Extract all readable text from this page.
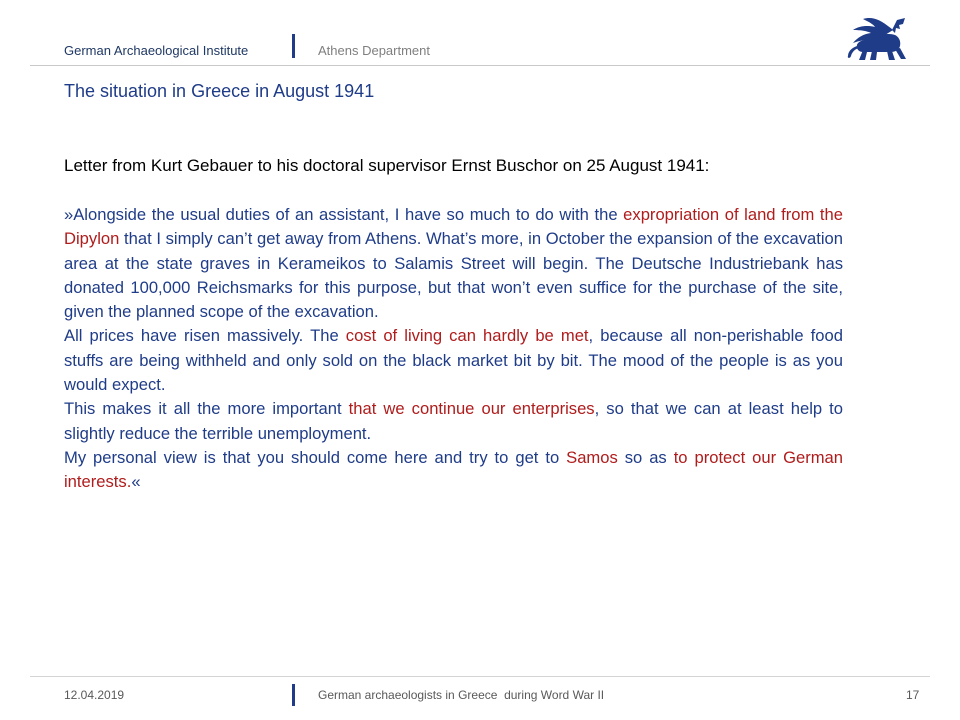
German Archaeological Institute	Athens Department
The situation in Greece in August 1941
Letter from Kurt Gebauer to his doctoral supervisor Ernst Buschor on 25 August 1941:

»Alongside the usual duties of an assistant, I have so much to do with the expropriation of land from the Dipylon that I simply can’t get away from Athens. What’s more, in October the expansion of the excavation area at the state graves in Kerameikos to Salamis Street will begin. The Deutsche Industriebank has donated 100,000 Reichsmarks for this purpose, but that won’t even suffice for the purchase of the site, given the planned scope of the excavation.

All prices have risen massively. The cost of living can hardly be met, because all non-perishable food stuffs are being withheld and only sold on the black market bit by bit. The mood of the people is as you would expect.

This makes it all the more important that we continue our enterprises, so that we can at least help to slightly reduce the terrible unemployment.

My personal view is that you should come here and try to get to Samos so as to protect our German interests.«

12.04.2019	German archaeologists in Greece  during Word War II	17
